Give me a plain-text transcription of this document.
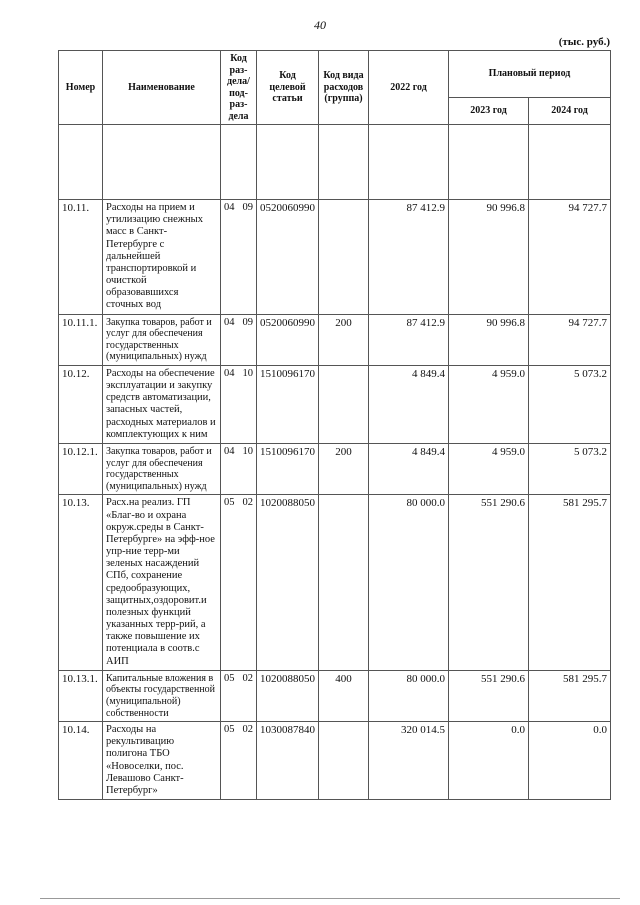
40
(тыс. руб.)
Номер	Наименование	Код раз-дела/ под-раз-дела	Код целевой статьи	Код вида расходов (группа)	2022 год	Плановый период	
						2023 год	2024 год

10.11.	Расходы на прием и утилизацию снежных масс в Санкт-Петербурге с дальнейшей транспортировкой и очисткой образовавшихся сточных вод	04 09	0520060990		87 412.9	90 996.8	94 727.7
10.11.1.	Закупка товаров, работ и услуг для обеспечения государственных (муниципальных) нужд	04 09	0520060990	200	87 412.9	90 996.8	94 727.7
10.12.	Расходы на обеспечение эксплуатации и закупку средств автоматизации, запасных частей, расходных материалов и комплектующих к ним	04 10	1510096170		4 849.4	4 959.0	5 073.2
10.12.1.	Закупка товаров, работ и услуг для обеспечения государственных (муниципальных) нужд	04 10	1510096170	200	4 849.4	4 959.0	5 073.2
10.13.	Расх.на реализ. ГП «Благ-во и охрана окруж.среды в Санкт-Петербурге» на эфф-ное упр-ние терр-ми зеленых насаждений СПб, сохранение средообразующих, защитных,оздоровит.и полезных функций указанных терр-рий, а также повышение их потенциала в соотв.с АИП	05 02	1020088050		80 000.0	551 290.6	581 295.7
10.13.1.	Капитальные вложения в объекты государственной (муниципальной) собственности	05 02	1020088050	400	80 000.0	551 290.6	581 295.7
10.14.	Расходы на рекультивацию полигона ТБО «Новоселки, пос. Левашово Санкт-Петербург»	05 02	1030087840		320 014.5	0.0	0.0
